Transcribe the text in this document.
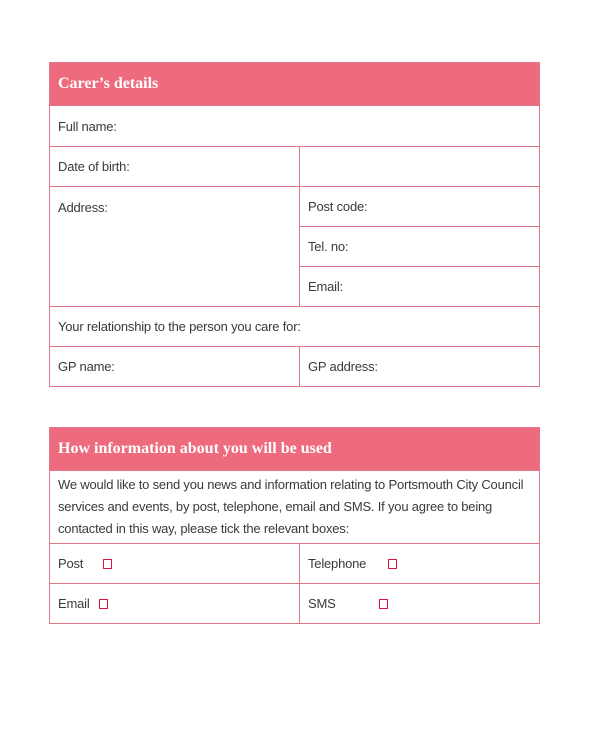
Carer’s details	
Full name:	
Date of birth:	
Address:	Post code:
	Tel. no:
	Email:
Your relationship to the person you care for:	
GP name:	GP address:
How information about you will be used	
We would like to send you news and information relating to Portsmouth City Council services and events, by post, telephone, email and SMS. If you agree to being contacted in this way, please tick the relevant boxes:	
Post	Telephone
Email	SMS
